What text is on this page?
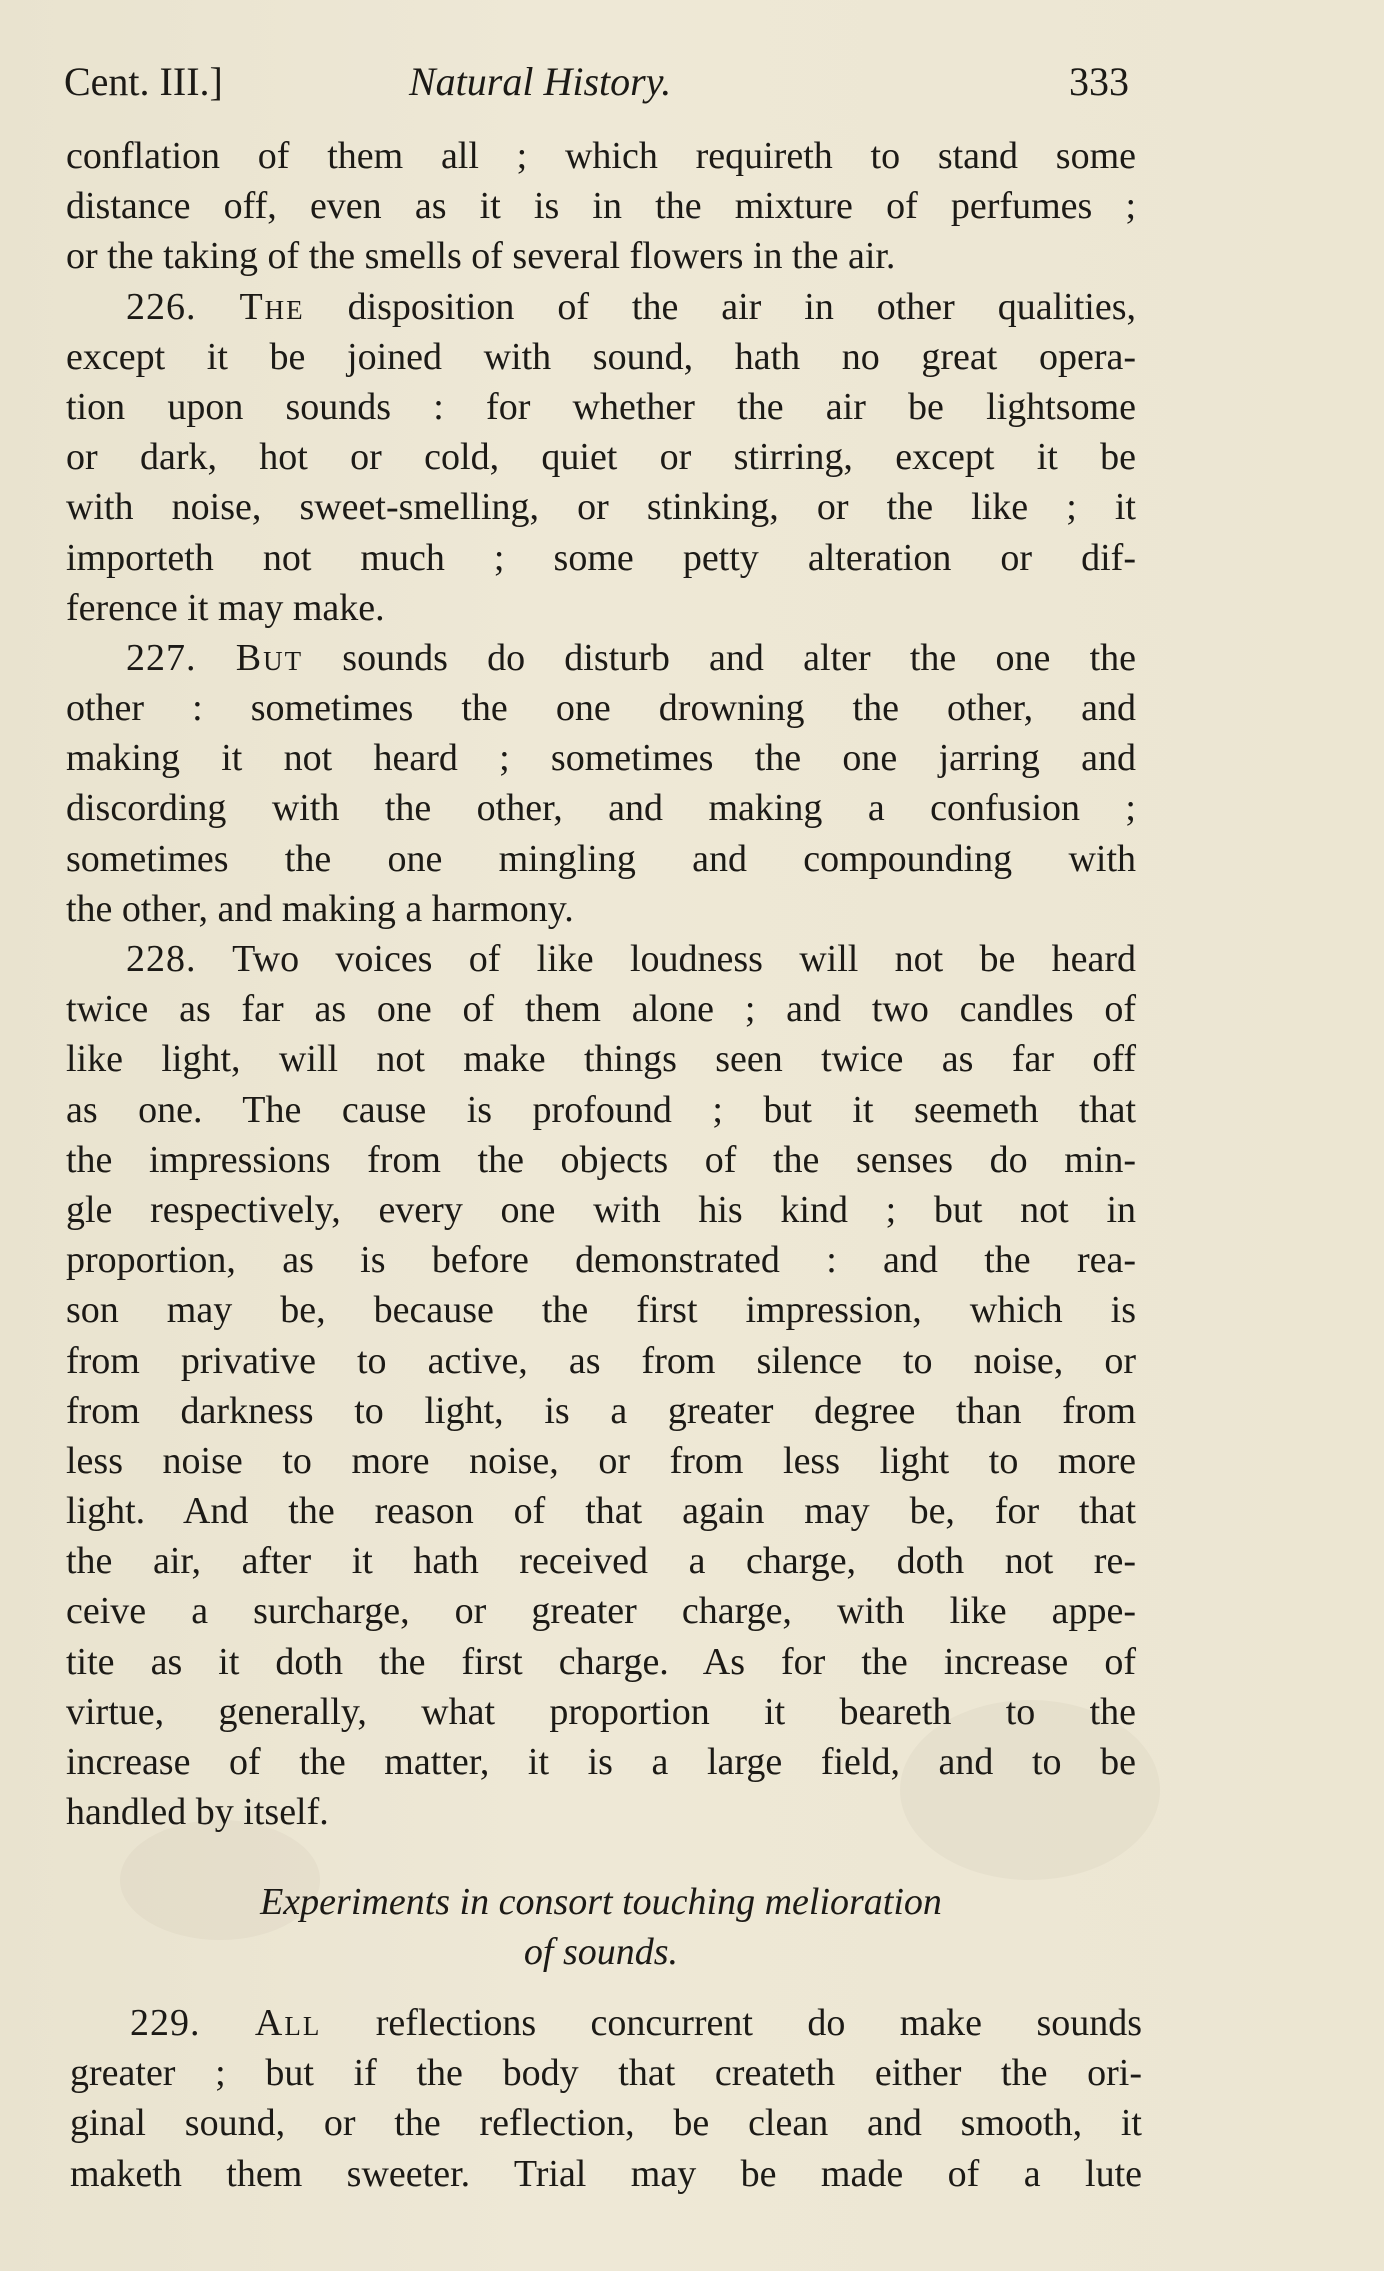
Cent. III.]	Natural History.	333
conflation of them all ; which requireth to stand some
distance off, even as it is in the mixture of perfumes ;
or the taking of the smells of several flowers in the air.
226. The disposition of the air in other qualities,
except it be joined with sound, hath no great opera-
tion upon sounds : for whether the air be lightsome
or dark, hot or cold, quiet or stirring, except it be
with noise, sweet-smelling, or stinking, or the like ; it
importeth not much ; some petty alteration or dif-
ference it may make.
227. But sounds do disturb and alter the one the
other : sometimes the one drowning the other, and
making it not heard ; sometimes the one jarring and
discording with the other, and making a confusion ;
sometimes the one mingling and compounding with
the other, and making a harmony.
228. Two voices of like loudness will not be heard
twice as far as one of them alone ; and two candles of
like light, will not make things seen twice as far off
as one. The cause is profound ; but it seemeth that
the impressions from the objects of the senses do min-
gle respectively, every one with his kind ; but not in
proportion, as is before demonstrated : and the rea-
son may be, because the first impression, which is
from privative to active, as from silence to noise, or
from darkness to light, is a greater degree than from
less noise to more noise, or from less light to more
light. And the reason of that again may be, for that
the air, after it hath received a charge, doth not re-
ceive a surcharge, or greater charge, with like appe-
tite as it doth the first charge. As for the increase of
virtue, generally, what proportion it beareth to the
increase of the matter, it is a large field, and to be
handled by itself.
Experiments in consort touching melioration
of sounds.
229. All reflections concurrent do make sounds
greater ; but if the body that createth either the ori-
ginal sound, or the reflection, be clean and smooth, it
maketh them sweeter. Trial may be made of a lute
